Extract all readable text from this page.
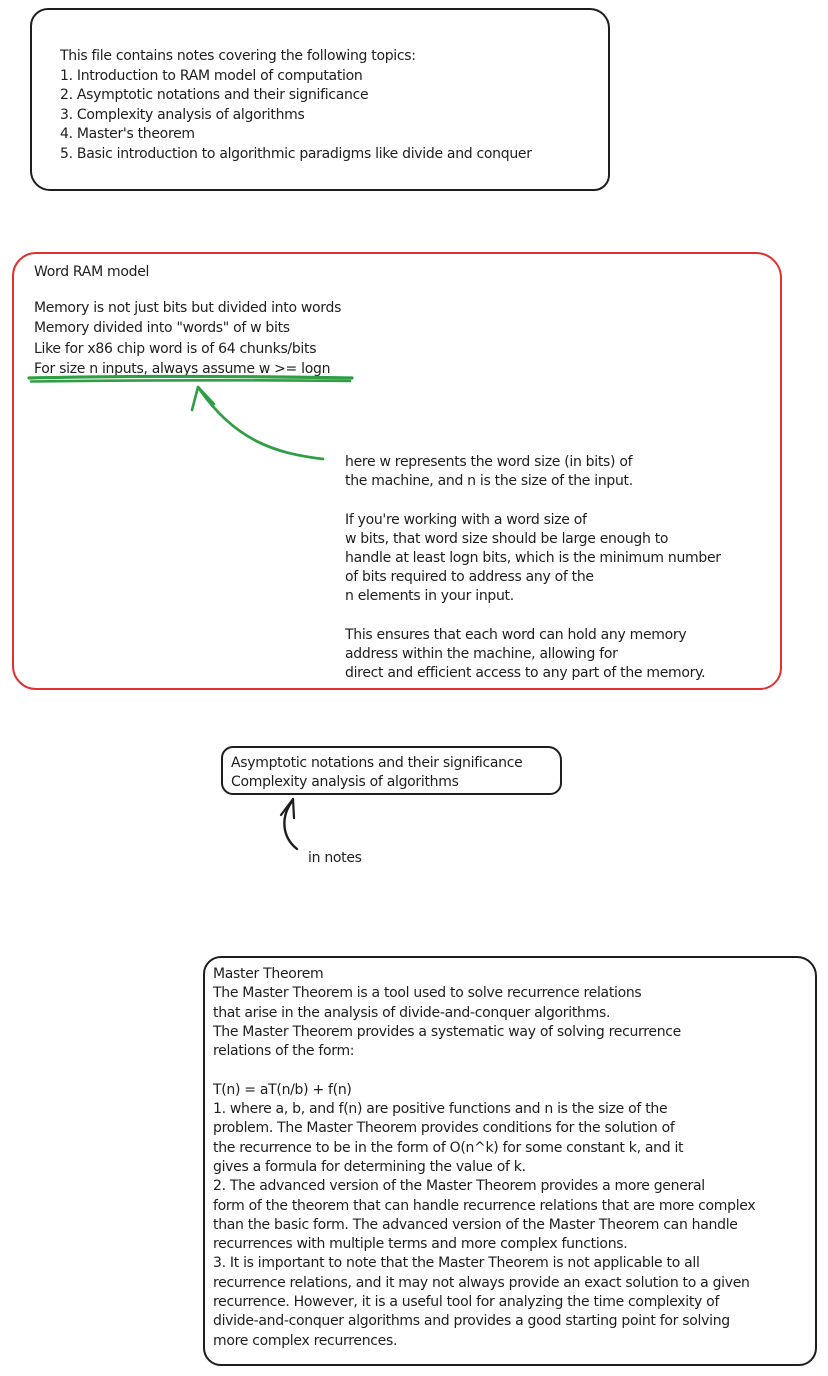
This file contains notes covering the following topics:
1. Introduction to RAM model of computation
2. Asymptotic notations and their significance
3. Complexity analysis of algorithms
4. Master's theorem
5. Basic introduction to algorithmic paradigms like divide and conquer
Word RAM model
Memory is not just bits but divided into words
Memory divided into "words" of w bits
Like for x86 chip word is of 64 chunks/bits
For size n inputs, always assume w >= logn
here w represents the word size (in bits) of
the machine, and n is the size of the input.
If you're working with a word size of
w bits, that word size should be large enough to
handle at least logn bits, which is the minimum number
of bits required to address any of the
n elements in your input.
This ensures that each word can hold any memory
address within the machine, allowing for
direct and efficient access to any part of the memory.
Asymptotic notations and their significance
Complexity analysis of algorithms
in notes
Master Theorem
The Master Theorem is a tool used to solve recurrence relations
that arise in the analysis of divide-and-conquer algorithms.
The Master Theorem provides a systematic way of solving recurrence
relations of the form:
T(n) = aT(n/b) + f(n)
1. where a, b, and f(n) are positive functions and n is the size of the
problem. The Master Theorem provides conditions for the solution of
the recurrence to be in the form of O(n^k) for some constant k, and it
gives a formula for determining the value of k.
2. The advanced version of the Master Theorem provides a more general
form of the theorem that can handle recurrence relations that are more complex
than the basic form. The advanced version of the Master Theorem can handle
recurrences with multiple terms and more complex functions.
3. It is important to note that the Master Theorem is not applicable to all
recurrence relations, and it may not always provide an exact solution to a given
recurrence. However, it is a useful tool for analyzing the time complexity of
divide-and-conquer algorithms and provides a good starting point for solving
more complex recurrences.
